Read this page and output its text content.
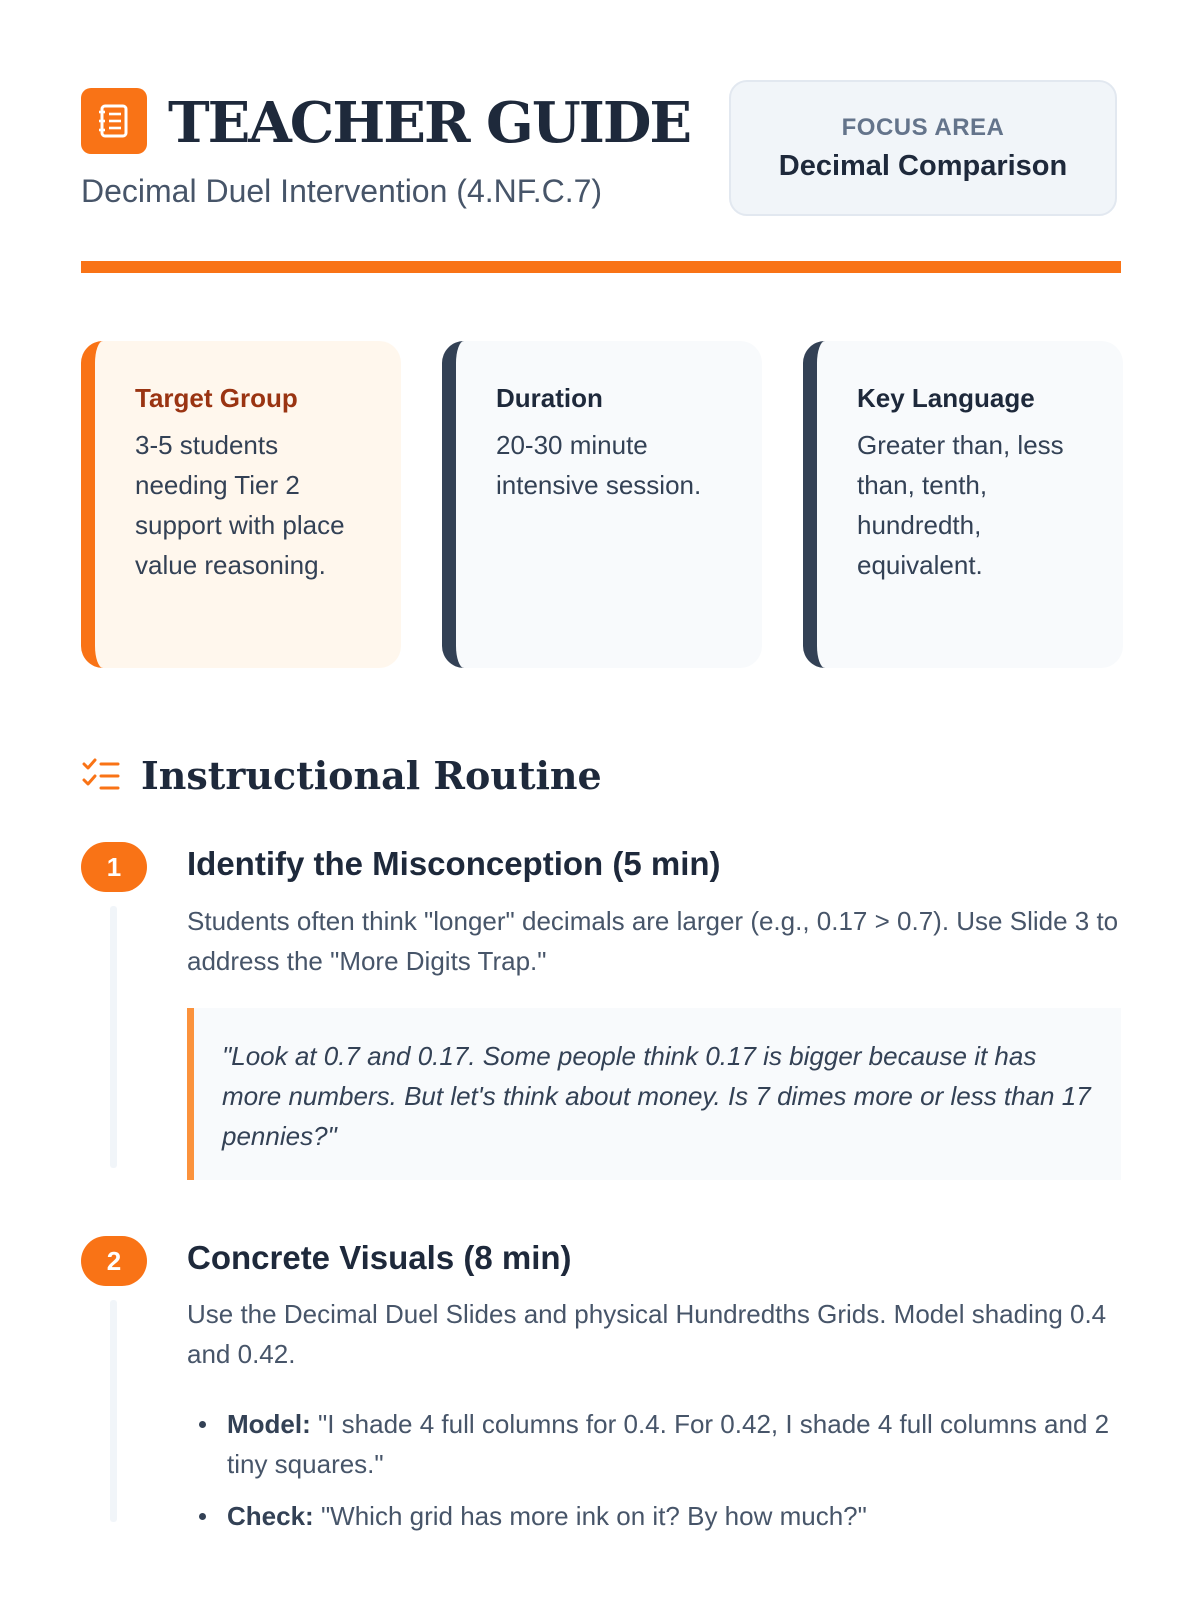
TEACHER GUIDE
Decimal Duel Intervention (4.NF.C.7)
FOCUS AREA
Decimal Comparison
Target Group

3-5 students needing Tier 2 support with place value reasoning.

Duration

20-30 minute intensive session.

Key Language

Greater than, less than, tenth, hundredth, equivalent.

Instructional Routine
1	Identify the Misconception (5 min)

Students often think "longer" decimals are larger (e.g., 0.17 > 0.7). Use Slide 3 to address the "More Digits Trap."

"Look at 0.7 and 0.17. Some people think 0.17 is bigger because it has more numbers. But let's think about money. Is 7 dimes more or less than 17 pennies?"
2	Concrete Visuals (8 min)

Use the Decimal Duel Slides and physical Hundredths Grids. Model shading 0.4 and 0.42.

Model: "I shade 4 full columns for 0.4. For 0.42, I shade 4 full columns and 2 tiny squares."
Check: "Which grid has more ink on it? By how much?"
